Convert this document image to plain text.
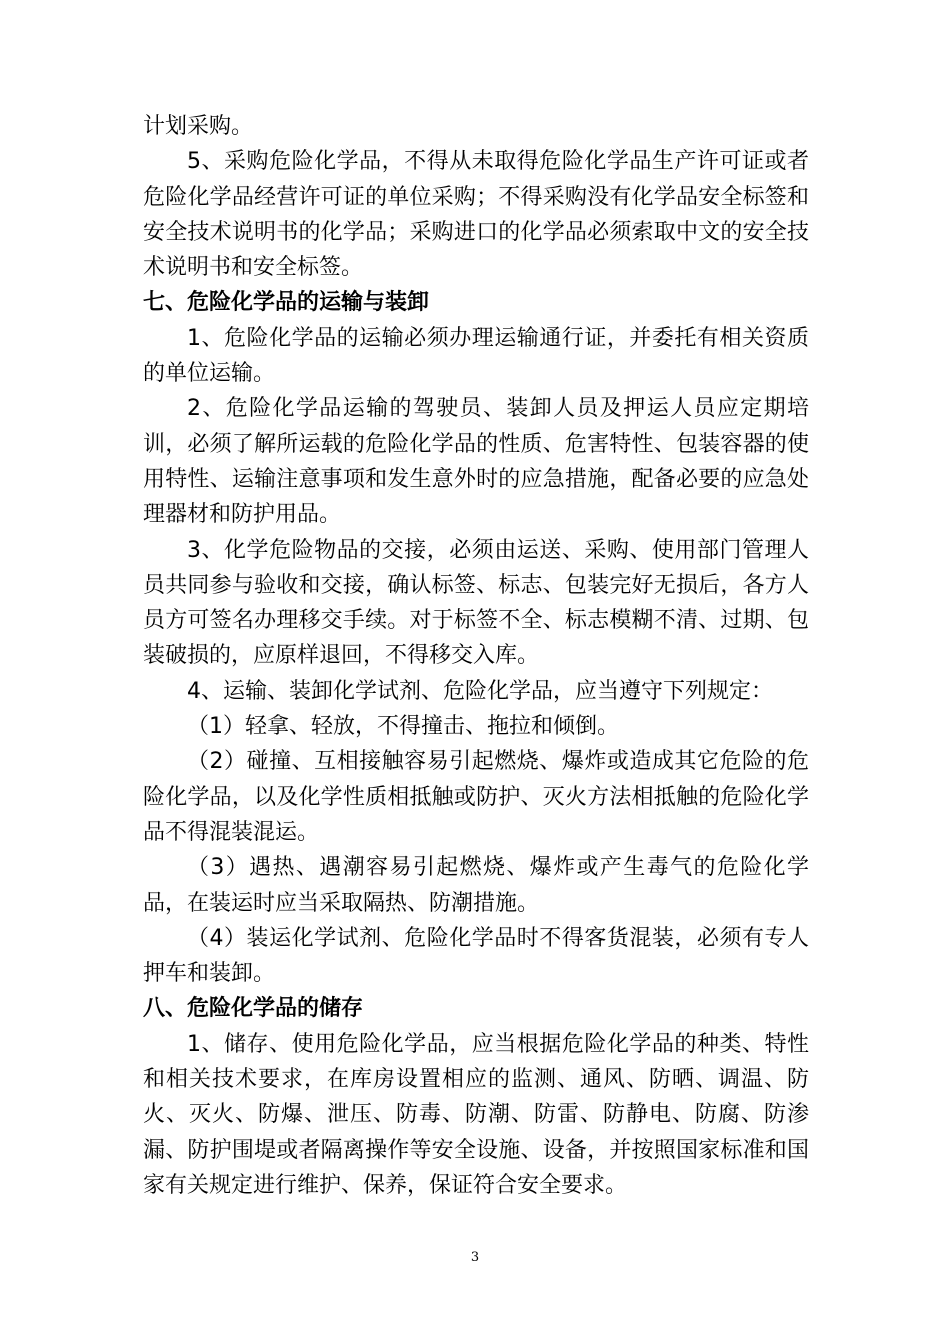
计划采购。

5、采购危险化学品，不得从未取得危险化学品生产许可证或者危险化学品经营许可证的单位采购；不得采购没有化学品安全标签和安全技术说明书的化学品；采购进口的化学品必须索取中文的安全技术说明书和安全标签。

七、危险化学品的运输与装卸

1、危险化学品的运输必须办理运输通行证，并委托有相关资质的单位运输。

2、危险化学品运输的驾驶员、装卸人员及押运人员应定期培训，必须了解所运载的危险化学品的性质、危害特性、包装容器的使用特性、运输注意事项和发生意外时的应急措施，配备必要的应急处理器材和防护用品。

3、化学危险物品的交接，必须由运送、采购、使用部门管理人员共同参与验收和交接，确认标签、标志、包装完好无损后，各方人员方可签名办理移交手续。对于标签不全、标志模糊不清、过期、包装破损的，应原样退回，不得移交入库。

4、运输、装卸化学试剂、危险化学品，应当遵守下列规定：

（1）轻拿、轻放，不得撞击、拖拉和倾倒。

（2）碰撞、互相接触容易引起燃烧、爆炸或造成其它危险的危险化学品，以及化学性质相抵触或防护、灭火方法相抵触的危险化学品不得混装混运。

（3）遇热、遇潮容易引起燃烧、爆炸或产生毒气的危险化学品，在装运时应当采取隔热、防潮措施。

（4）装运化学试剂、危险化学品时不得客货混装，必须有专人押车和装卸。

八、危险化学品的储存

1、储存、使用危险化学品，应当根据危险化学品的种类、特性和相关技术要求，在库房设置相应的监测、通风、防晒、调温、防火、灭火、防爆、泄压、防毒、防潮、防雷、防静电、防腐、防渗漏、防护围堤或者隔离操作等安全设施、设备，并按照国家标准和国家有关规定进行维护、保养，保证符合安全要求。

3
